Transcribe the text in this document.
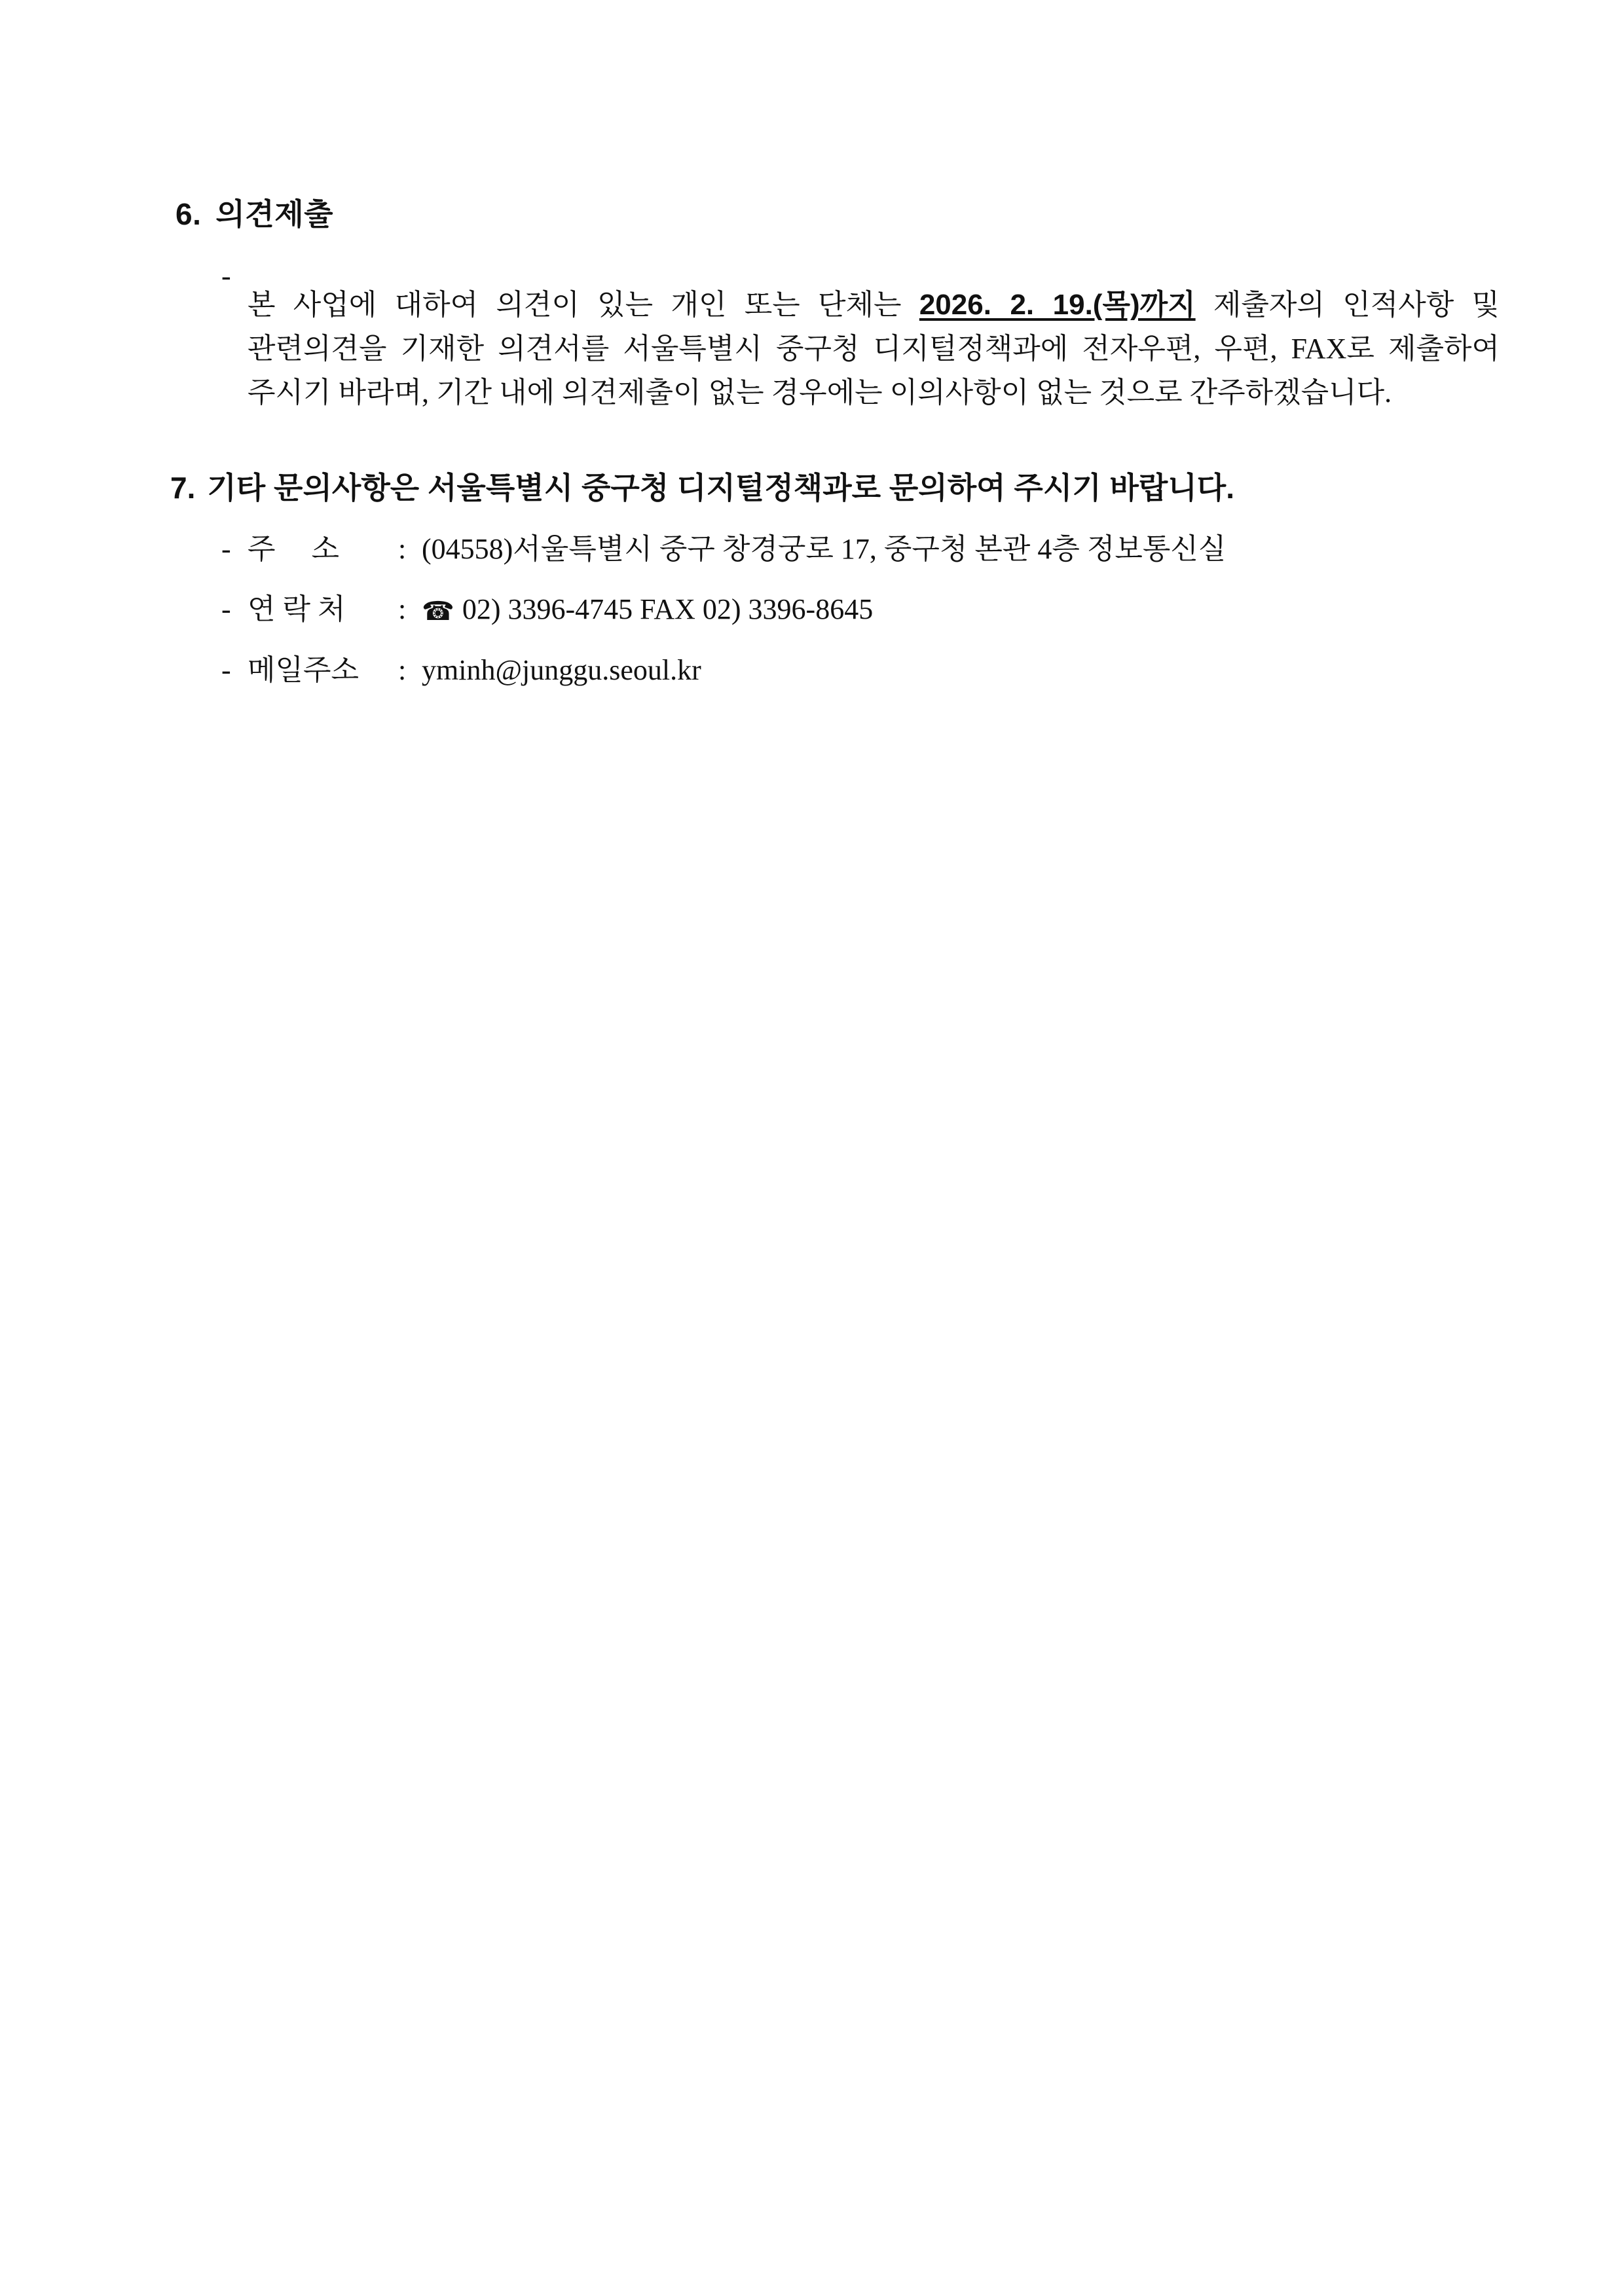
6. 의견제출
-

본 사업에 대하여 의견이 있는 개인 또는 단체는 2026. 2. 19.(목)까지 제출자의 인적사항 및 관련의견을 기재한 의견서를 서울특별시 중구청 디지털정책과에 전자우편, 우편, FAX로 제출하여 주시기 바라며, 기간 내에 의견제출이 없는 경우에는 이의사항이 없는 것으로 간주하겠습니다.

7. 기타 문의사항은 서울특별시 중구청 디지털정책과로 문의하여 주시기 바랍니다.
- 주     소	: (04558)서울특별시 중구 창경궁로 17, 중구청 본관 4층 정보통신실
- 연 락 처	: ☎ 02) 3396-4745 FAX 02) 3396-8645
- 메일주소	: yminh@junggu.seoul.kr
